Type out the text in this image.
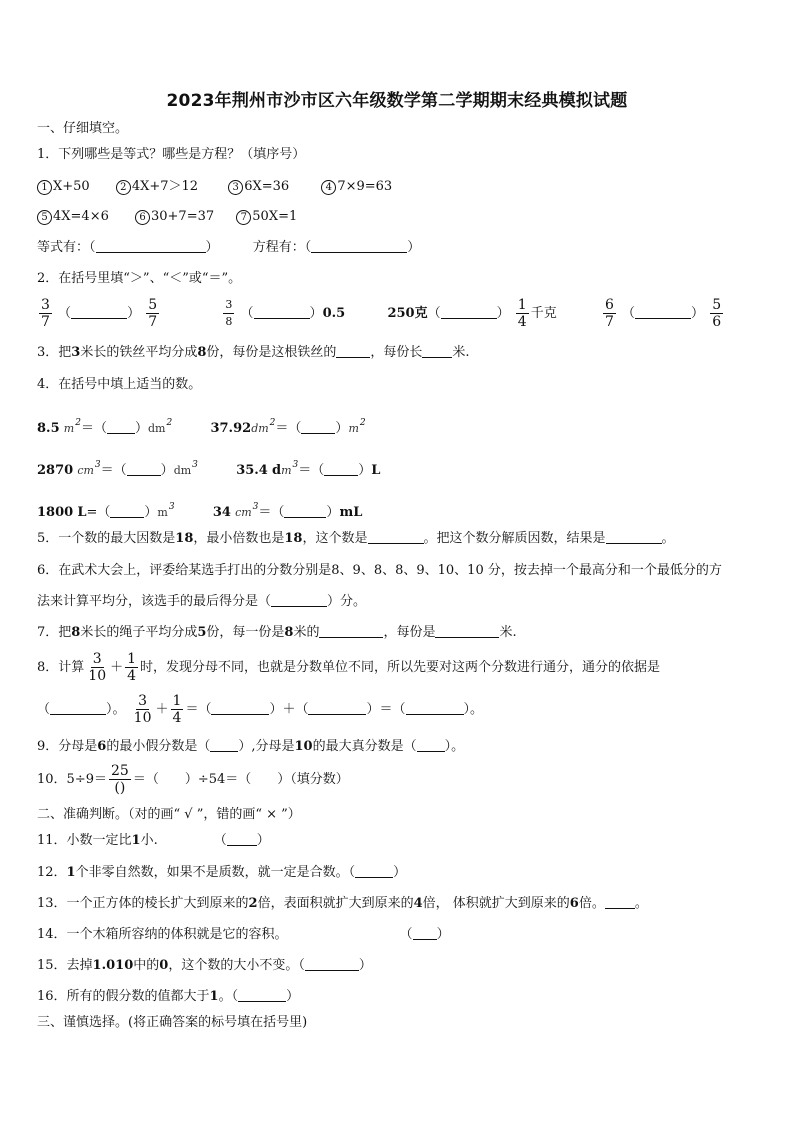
2023年荆州市沙市区六年级数学第二学期期末经典模拟试题
一、仔细填空。
1．下列哪些是等式？哪些是方程？（填序号）
1 X+50	2 4X+7＞12	3 6X=36	4 7×9=63
5 4X=4×6	6 30+7=37	7 50X=1
等式有：（	）	方程有：（	）
2．在括号里填“＞”、“＜”或“＝”。
$\frac{3}{7}$ （	） $\frac{5}{7}$
	$\frac{3}{8}$ （	）0.5	250克（	） $\frac{1}{4}$ 千克	$\frac{6}{7}$ （	） $\frac{5}{6}$
3．把3米长的铁丝平均分成8份，每份是这根铁丝的	，每份长 米.
4．在括号中填上适当的数。
8.5 $m^2=$（ ）$dm^2$	$37.92dm^2=$（	）$m^2$
2870 $cm^3=$（	）$dm^3$	35.4 $dm^3=$（	）L
1800 L=（	）$m^3$	34 $cm^3=$（	）mL
5．一个数的最大因数是18，最小倍数也是18，这个数是	。把这个数分解质因数，结果是	。
6．在武术大会上，评委给某选手打出的分数分别是8、9、8、8、9、10、10 分，按去掉一个最高分和一个最低分的方
法来计算平均分，该选手的最后得分是（	）分。
7．把8米长的绳子平均分成5份，每一份是8米的	，每份是	米.
8．计算 $\frac{3}{10} + \frac{1}{4}$ 时，发现分母不同，也就是分数单位不同，所以先要对这两个分数进行通分，通分的依据是
（	）。 $\frac{3}{10} + \frac{1}{4}$ ＝（	）＋（	）＝（	）。
9．分母是6的最小假分数是（ ）,分母是10的最大真分数是（ ）。
10．$5\div 9= \frac{25}{()}$ ＝（　　）÷54＝（　　）（填分数）
二、准确判断。（对的画“ √ ”，错的画“ × ”）
11．小数一定比1小.	（ ）
12．1个非零自然数，如果不是质数，就一定是合数。（	）
13．一个正方体的棱长扩大到原来的2倍，表面积就扩大到原来的4倍， 体积就扩大到原来的6倍。 。
14．一个木箱所容纳的体积就是它的容积。	（ ）
15．去掉1.010中的0，这个数的大小不变。（	）
16．所有的假分数的值都大于1。（	）
三、谨慎选择。(将正确答案的标号填在括号里)
